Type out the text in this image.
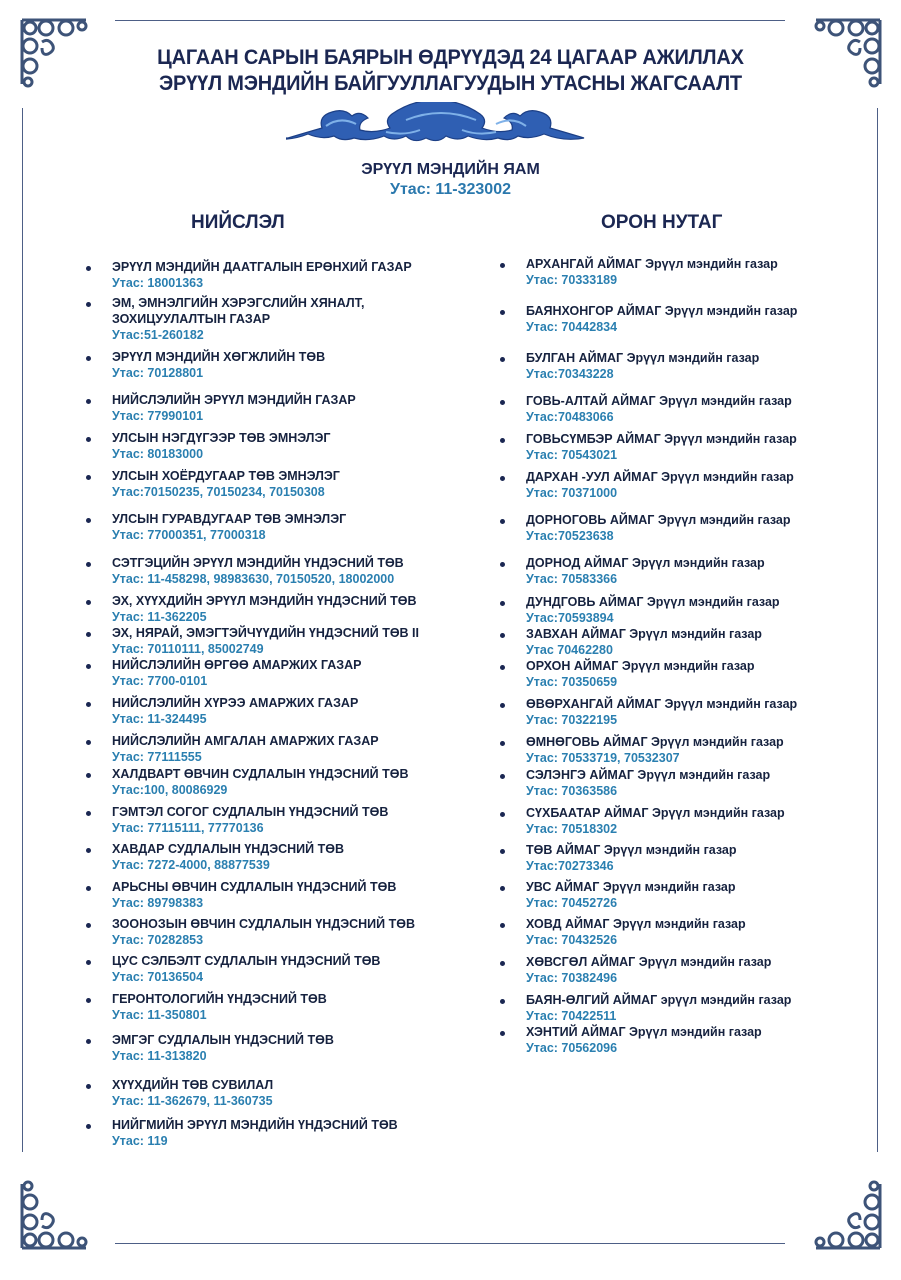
ЦАГААН САРЫН БАЯРЫН ӨДРҮҮДЭД 24 ЦАГААР АЖИЛЛАХ
ЭРҮҮЛ МЭНДИЙН БАЙГУУЛЛАГУУДЫН УТАСНЫ ЖАГСААЛТ
ЭРҮҮЛ МЭНДИЙН ЯАМ
Утас: 11-323002
НИЙСЛЭЛ	ОРОН НУТАГ
ЭРҮҮЛ МЭНДИЙН ДААТГАЛЫН ЕРӨНХИЙ ГАЗАР
Утас: 18001363
ЭМ, ЭМНЭЛГИЙН ХЭРЭГСЛИЙН ХЯНАЛТ,
ЗОХИЦУУЛАЛТЫН ГАЗАР
Утас:51-260182
ЭРҮҮЛ МЭНДИЙН ХӨГЖЛИЙН ТӨВ
Утас: 70128801
НИЙСЛЭЛИЙН ЭРҮҮЛ МЭНДИЙН ГАЗАР
Утас: 77990101
УЛСЫН НЭГДҮГЭЭР ТӨВ ЭМНЭЛЭГ
Утас: 80183000
УЛСЫН ХОЁРДУГААР ТӨВ ЭМНЭЛЭГ
Утас:70150235, 70150234, 70150308
УЛСЫН ГУРАВДУГААР ТӨВ ЭМНЭЛЭГ
Утас: 77000351, 77000318
СЭТГЭЦИЙН ЭРҮҮЛ МЭНДИЙН ҮНДЭСНИЙ ТӨВ
Утас: 11-458298, 98983630, 70150520, 18002000
ЭХ, ХҮҮХДИЙН ЭРҮҮЛ МЭНДИЙН ҮНДЭСНИЙ ТӨВ
Утас: 11-362205
ЭХ, НЯРАЙ, ЭМЭГТЭЙЧҮҮДИЙН ҮНДЭСНИЙ ТӨВ II
Утас: 70110111, 85002749
НИЙСЛЭЛИЙН ӨРГӨӨ АМАРЖИХ ГАЗАР
Утас: 7700-0101
НИЙСЛЭЛИЙН ХҮРЭЭ АМАРЖИХ ГАЗАР
Утас: 11-324495
НИЙСЛЭЛИЙН АМГАЛАН АМАРЖИХ ГАЗАР
Утас: 77111555
ХАЛДВАРТ ӨВЧИН СУДЛАЛЫН ҮНДЭСНИЙ ТӨВ
Утас:100, 80086929
ГЭМТЭЛ СОГОГ СУДЛАЛЫН ҮНДЭСНИЙ ТӨВ
Утас: 77115111, 77770136
ХАВДАР СУДЛАЛЫН ҮНДЭСНИЙ ТӨВ
Утас: 7272-4000, 88877539
АРЬСНЫ ӨВЧИН СУДЛАЛЫН ҮНДЭСНИЙ ТӨВ
Утас: 89798383
ЗООНОЗЫН ӨВЧИН СУДЛАЛЫН ҮНДЭСНИЙ ТӨВ
Утас: 70282853
ЦУС СЭЛБЭЛТ СУДЛАЛЫН ҮНДЭСНИЙ ТӨВ
Утас: 70136504
ГЕРОНТОЛОГИЙН ҮНДЭСНИЙ ТӨВ
Утас: 11-350801
ЭМГЭГ СУДЛАЛЫН ҮНДЭСНИЙ ТӨВ
Утас: 11-313820
ХҮҮХДИЙН ТӨВ СУВИЛАЛ
Утас: 11-362679, 11-360735
НИЙГМИЙН ЭРҮҮЛ МЭНДИЙН ҮНДЭСНИЙ ТӨВ
Утас: 119
АРХАНГАЙ АЙМАГ Эрүүл мэндийн газар
Утас: 70333189
БАЯНХОНГОР АЙМАГ Эрүүл мэндийн газар
Утас: 70442834
БУЛГАН АЙМАГ Эрүүл мэндийн газар
Утас:70343228
ГОВЬ-АЛТАЙ АЙМАГ Эрүүл мэндийн газар
Утас:70483066
ГОВЬСҮМБЭР АЙМАГ Эрүүл мэндийн газар
Утас: 70543021
ДАРХАН -УУЛ АЙМАГ Эрүүл мэндийн газар
Утас: 70371000
ДОРНОГОВЬ АЙМАГ Эрүүл мэндийн газар
Утас:70523638
ДОРНОД АЙМАГ Эрүүл мэндийн газар
Утас: 70583366
ДУНДГОВЬ АЙМАГ Эрүүл мэндийн газар
Утас:70593894
ЗАВХАН АЙМАГ Эрүүл мэндийн газар
Утас 70462280
ОРХОН АЙМАГ Эрүүл мэндийн газар
Утас: 70350659
ӨВӨРХАНГАЙ АЙМАГ Эрүүл мэндийн газар
Утас: 70322195
ӨМНӨГОВЬ АЙМАГ Эрүүл мэндийн газар
Утас: 70533719, 70532307
СЭЛЭНГЭ АЙМАГ Эрүүл мэндийн газар
Утас: 70363586
СҮХБААТАР АЙМАГ Эрүүл мэндийн газар
Утас: 70518302
ТӨВ АЙМАГ Эрүүл мэндийн газар
Утас:70273346
УВС АЙМАГ Эрүүл мэндийн газар
Утас: 70452726
ХОВД АЙМАГ Эрүүл мэндийн газар
Утас: 70432526
ХӨВСГӨЛ АЙМАГ Эрүүл мэндийн газар
Утас: 70382496
БАЯН-ӨЛГИЙ АЙМАГ эрүүл мэндийн газар
Утас: 70422511
ХЭНТИЙ АЙМАГ Эрүүл мэндийн газар
Утас: 70562096
